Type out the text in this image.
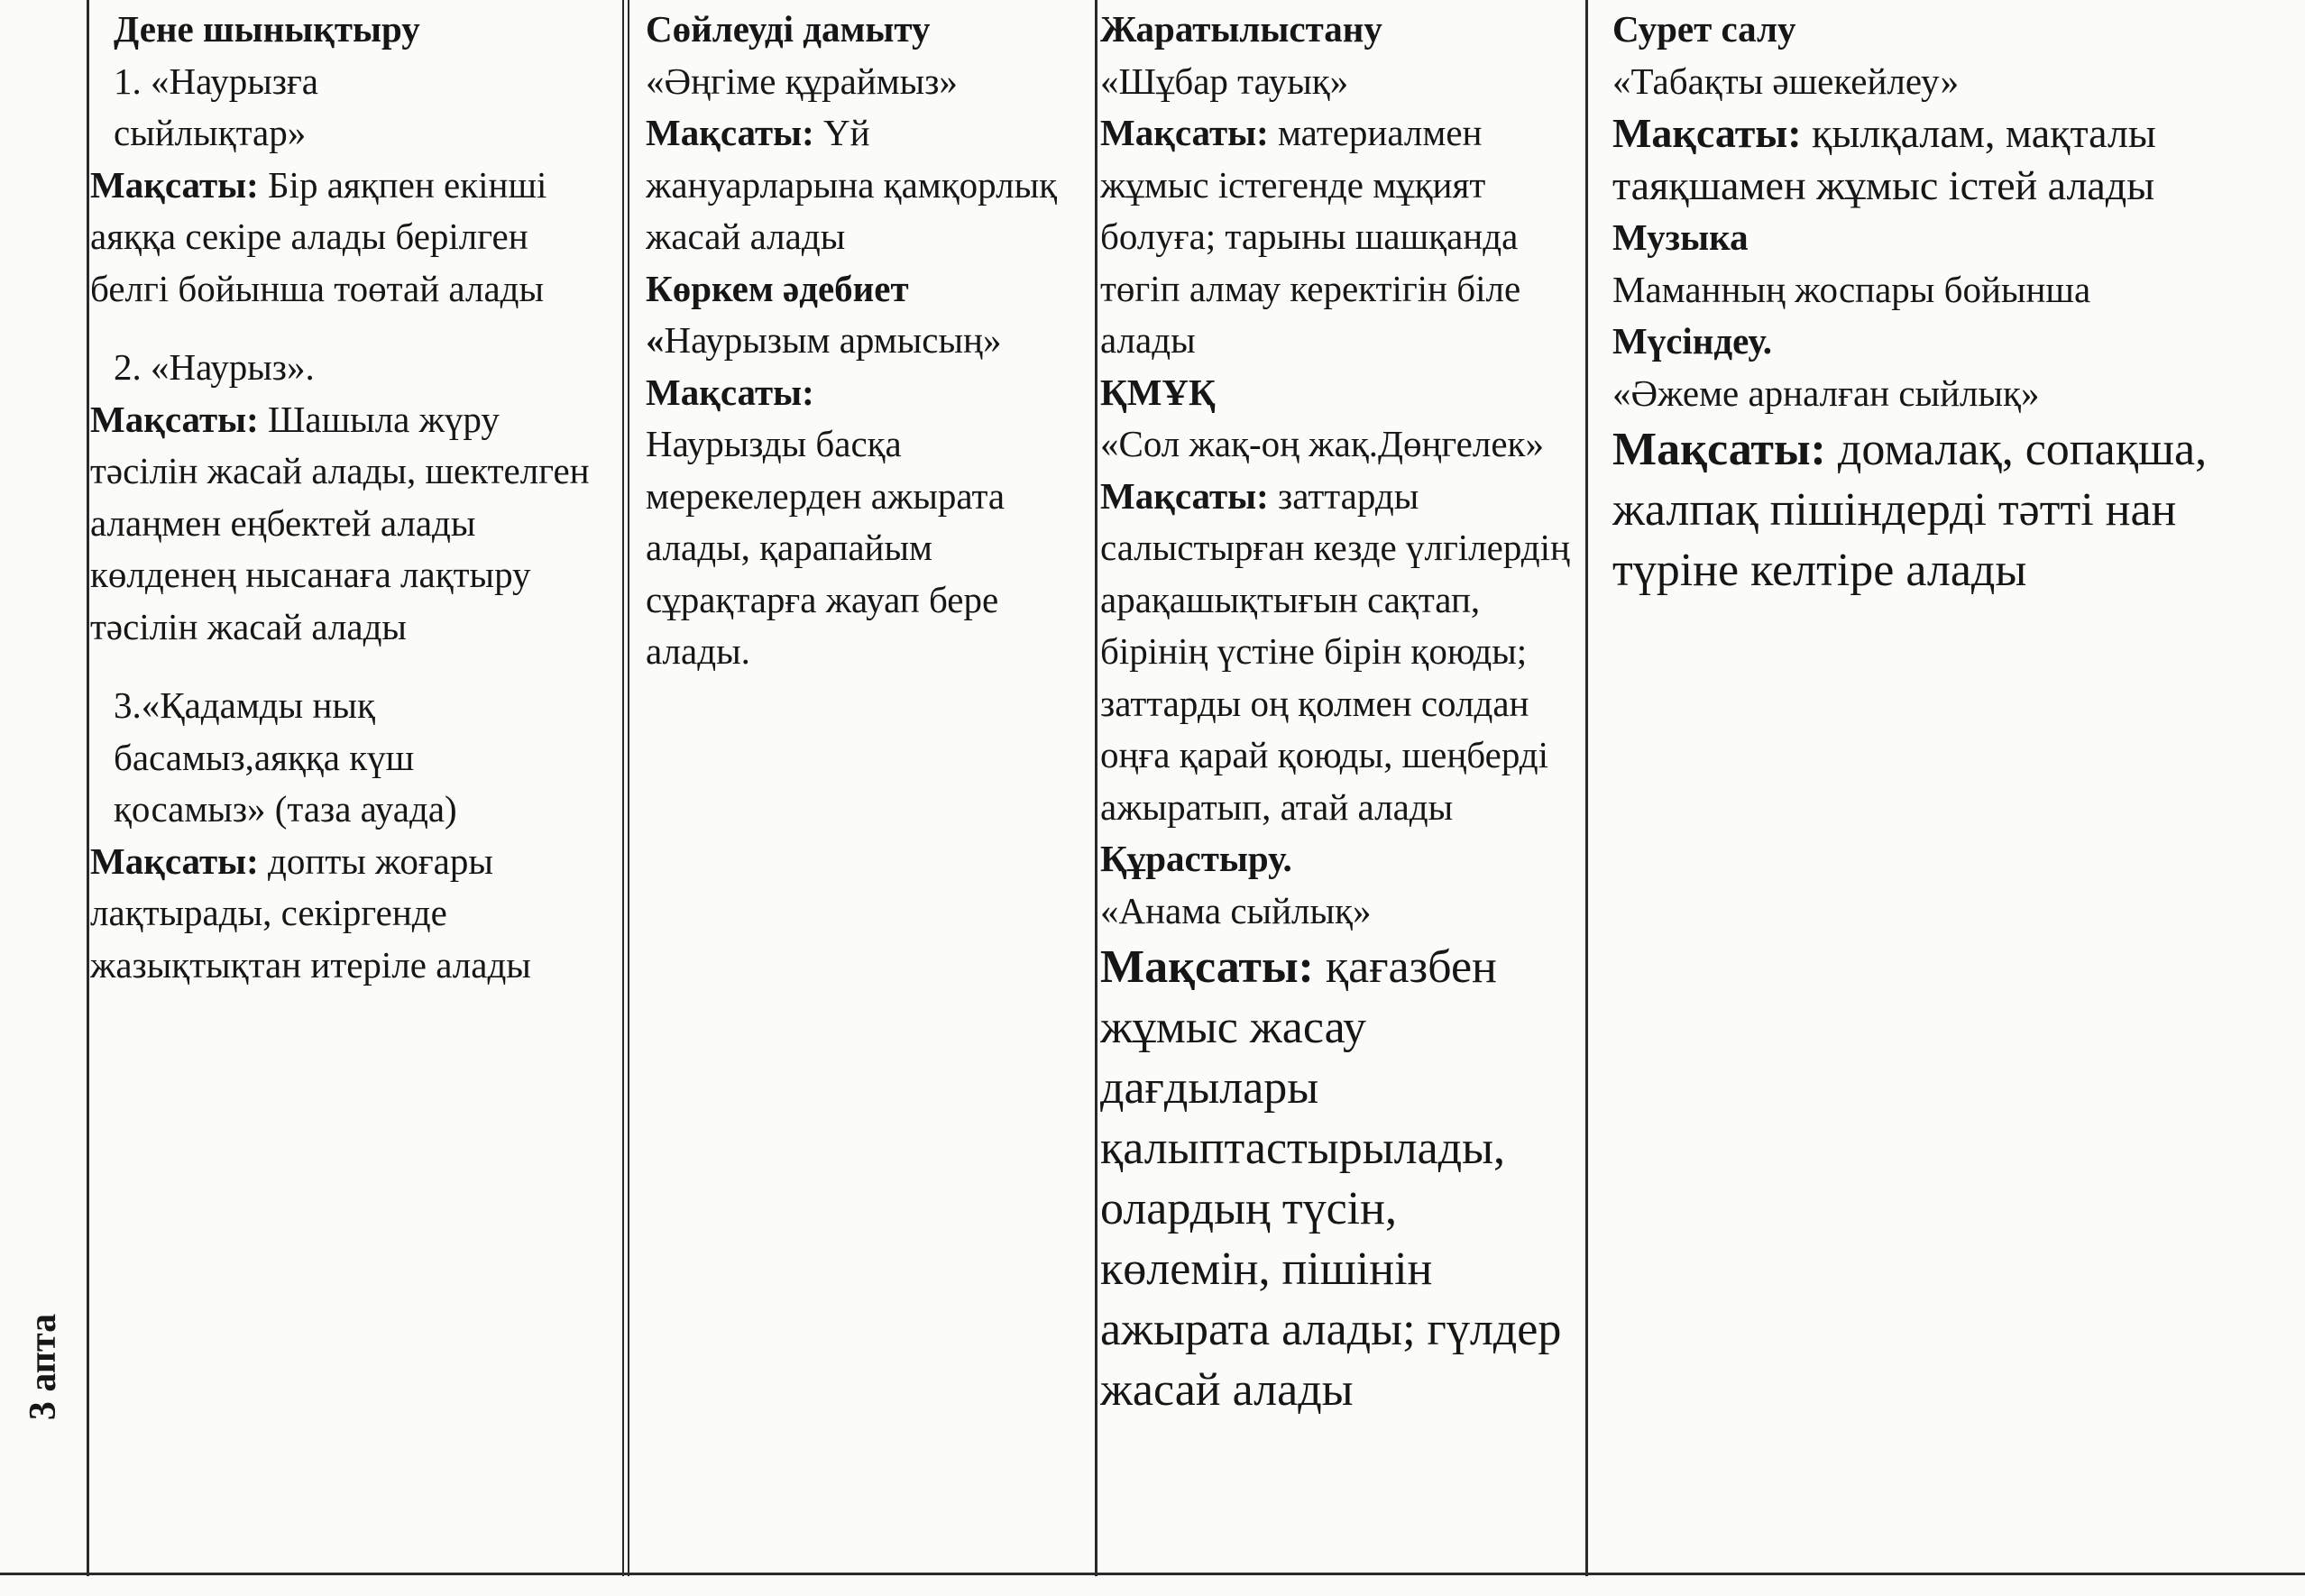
3 апта
Дене шынықтыру
1. «Наурызға сыйлықтар»
Мақсаты: Бір аяқпен екінші аяққа секіре алады берілген белгі бойынша тоөтай алады
2. «Наурыз».
Мақсаты: Шашыла жүру тәсілін жасай алады, шектелген алаңмен еңбектей алады көлденең нысанаға лақтыру тәсілін жасай алады
3.«Қадамды нық басамыз,аяққа күш қосамыз» (таза ауада)
Мақсаты: допты жоғары лақтырады, секіргенде жазықтықтан итеріле алады
Сөйлеуді дамыту
«Әңгіме құраймыз»
Мақсаты: Үй жануарларына қамқорлық жасай алады
Көркем әдебиет
«Наурызым армысың»
Мақсаты:
Наурызды басқа мерекелерден ажырата алады, қарапайым сұрақтарға жауап бере алады.
Жаратылыстану
«Шұбар тауық»
Мақсаты: материалмен жұмыс істегенде мұқият болуға; тарыны шашқанда төгіп алмау керектігін біле алады
ҚМҰҚ
«Сол жақ-оң жақ.Дөңгелек»
Мақсаты: заттарды салыстырған кезде үлгілердің арақашықтығын сақтап, бірінің үстіне бірін қоюды; заттарды оң қолмен солдан оңға қарай қоюды, шеңберді ажыратып, атай алады
Құрастыру.
«Анама сыйлық»
Мақсаты: қағазбен жұмыс жасау дағдылары қалыптастырылады, олардың түсін, көлемін, пішінін ажырата алады; гүлдер жасай алады
Сурет салу
«Табақты әшекейлеу»
Мақсаты: қылқалам, мақталы таяқшамен жұмыс істей алады
Музыка
Маманның жоспары бойынша
Мүсіндеу.
«Әжеме арналған сыйлық»
Мақсаты: домалақ, сопақша, жалпақ пішіндерді тәтті нан түріне келтіре алады
